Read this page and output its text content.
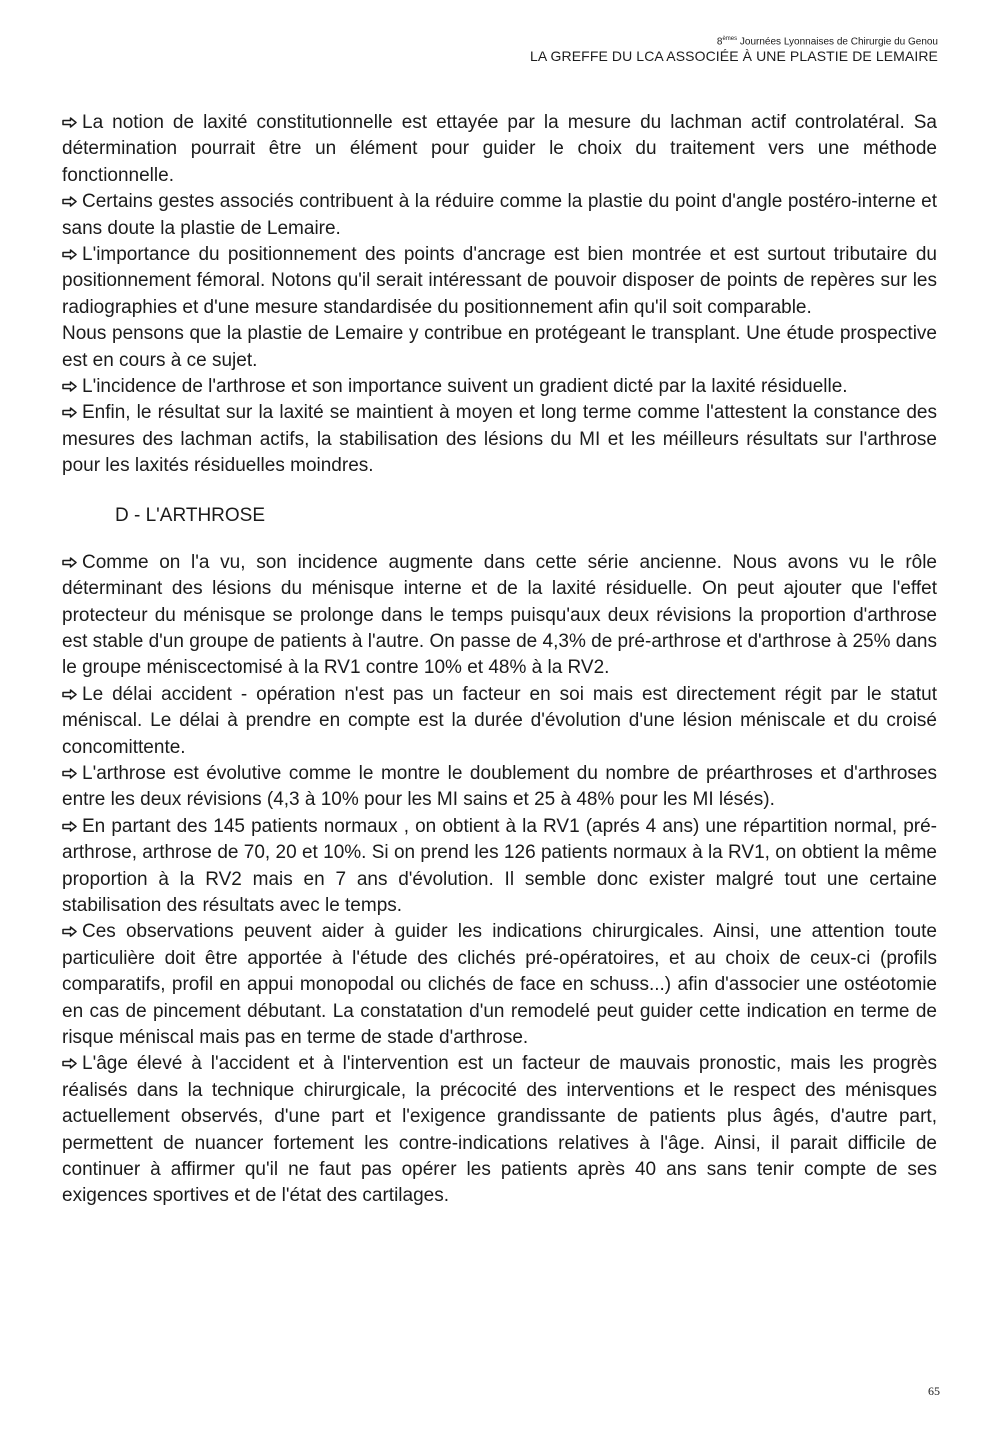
8èmes Journées Lyonnaises de Chirurgie du Genou
LA GREFFE DU LCA ASSOCIÉE À UNE PLASTIE DE LEMAIRE

La notion de laxité constitutionnelle est ettayée par la mesure du lachman actif controlatéral. Sa détermination pourrait être un élément pour guider le choix du traitement vers une méthode fonctionnelle.

Certains gestes associés contribuent à la réduire comme la plastie du point d'angle postéro-interne et sans doute la plastie de Lemaire.

L'importance du positionnement des points d'ancrage est bien montrée et est surtout tributaire du positionnement fémoral. Notons qu'il serait intéressant de pouvoir disposer de points de repères sur les radiographies et d'une mesure standardisée du positionnement afin qu'il soit comparable.

Nous pensons que la plastie de Lemaire y contribue en protégeant le transplant. Une étude prospective est en cours à ce sujet.

L'incidence de l'arthrose et son importance suivent un gradient dicté par la laxité résiduelle.

Enfin, le résultat sur la laxité se maintient à moyen et long terme comme l'attestent la constance des mesures des lachman actifs, la stabilisation des lésions du MI et les méilleurs résultats sur l'arthrose pour les laxités résiduelles moindres.

D - L'ARTHROSE

Comme on l'a vu, son incidence augmente dans cette série ancienne. Nous avons vu le rôle déterminant des lésions du ménisque interne et de la laxité résiduelle. On peut ajouter que l'effet protecteur du ménisque se prolonge dans le temps puisqu'aux deux révisions la proportion d'arthrose est stable d'un groupe de patients à l'autre. On passe de 4,3% de pré-arthrose et d'arthrose à 25% dans le groupe méniscectomisé à la RV1 contre 10% et 48% à la RV2.

Le délai accident - opération n'est pas un facteur en soi mais est directement régit par le statut méniscal. Le délai à prendre en compte est la durée d'évolution d'une lésion méniscale et du croisé concomittente.

L'arthrose est évolutive comme le montre le doublement du nombre de préarthroses et d'arthroses entre les deux révisions (4,3 à 10% pour les MI sains et 25 à 48% pour les MI lésés).

En partant des 145 patients normaux , on obtient à la RV1 (aprés 4 ans) une répartition normal, pré-arthrose, arthrose de 70, 20 et 10%. Si on prend les 126 patients normaux à la RV1, on obtient la même proportion à la RV2 mais en 7 ans d'évolution. Il semble donc exister malgré tout une certaine stabilisation des résultats avec le temps.

Ces observations peuvent aider à guider les indications chirurgicales. Ainsi, une attention toute particulière doit être apportée à l'étude des clichés pré-opératoires, et au choix de ceux-ci (profils comparatifs, profil en appui monopodal ou clichés de face en schuss...) afin d'associer une ostéotomie en cas de pincement débutant. La constatation d'un remodelé peut guider cette indication en terme de risque méniscal mais pas en terme de stade d'arthrose.

L'âge élevé à l'accident et à l'intervention est un facteur de mauvais pronostic, mais les progrès réalisés dans la technique chirurgicale, la précocité des interventions et le respect des ménisques actuellement observés, d'une part et l'exigence grandissante de patients plus âgés, d'autre part, permettent de nuancer fortement les contre-indications relatives à l'âge. Ainsi, il parait difficile de continuer à affirmer qu'il ne faut pas opérer les patients après 40 ans sans tenir compte de ses exigences sportives et de l'état des cartilages.

65
